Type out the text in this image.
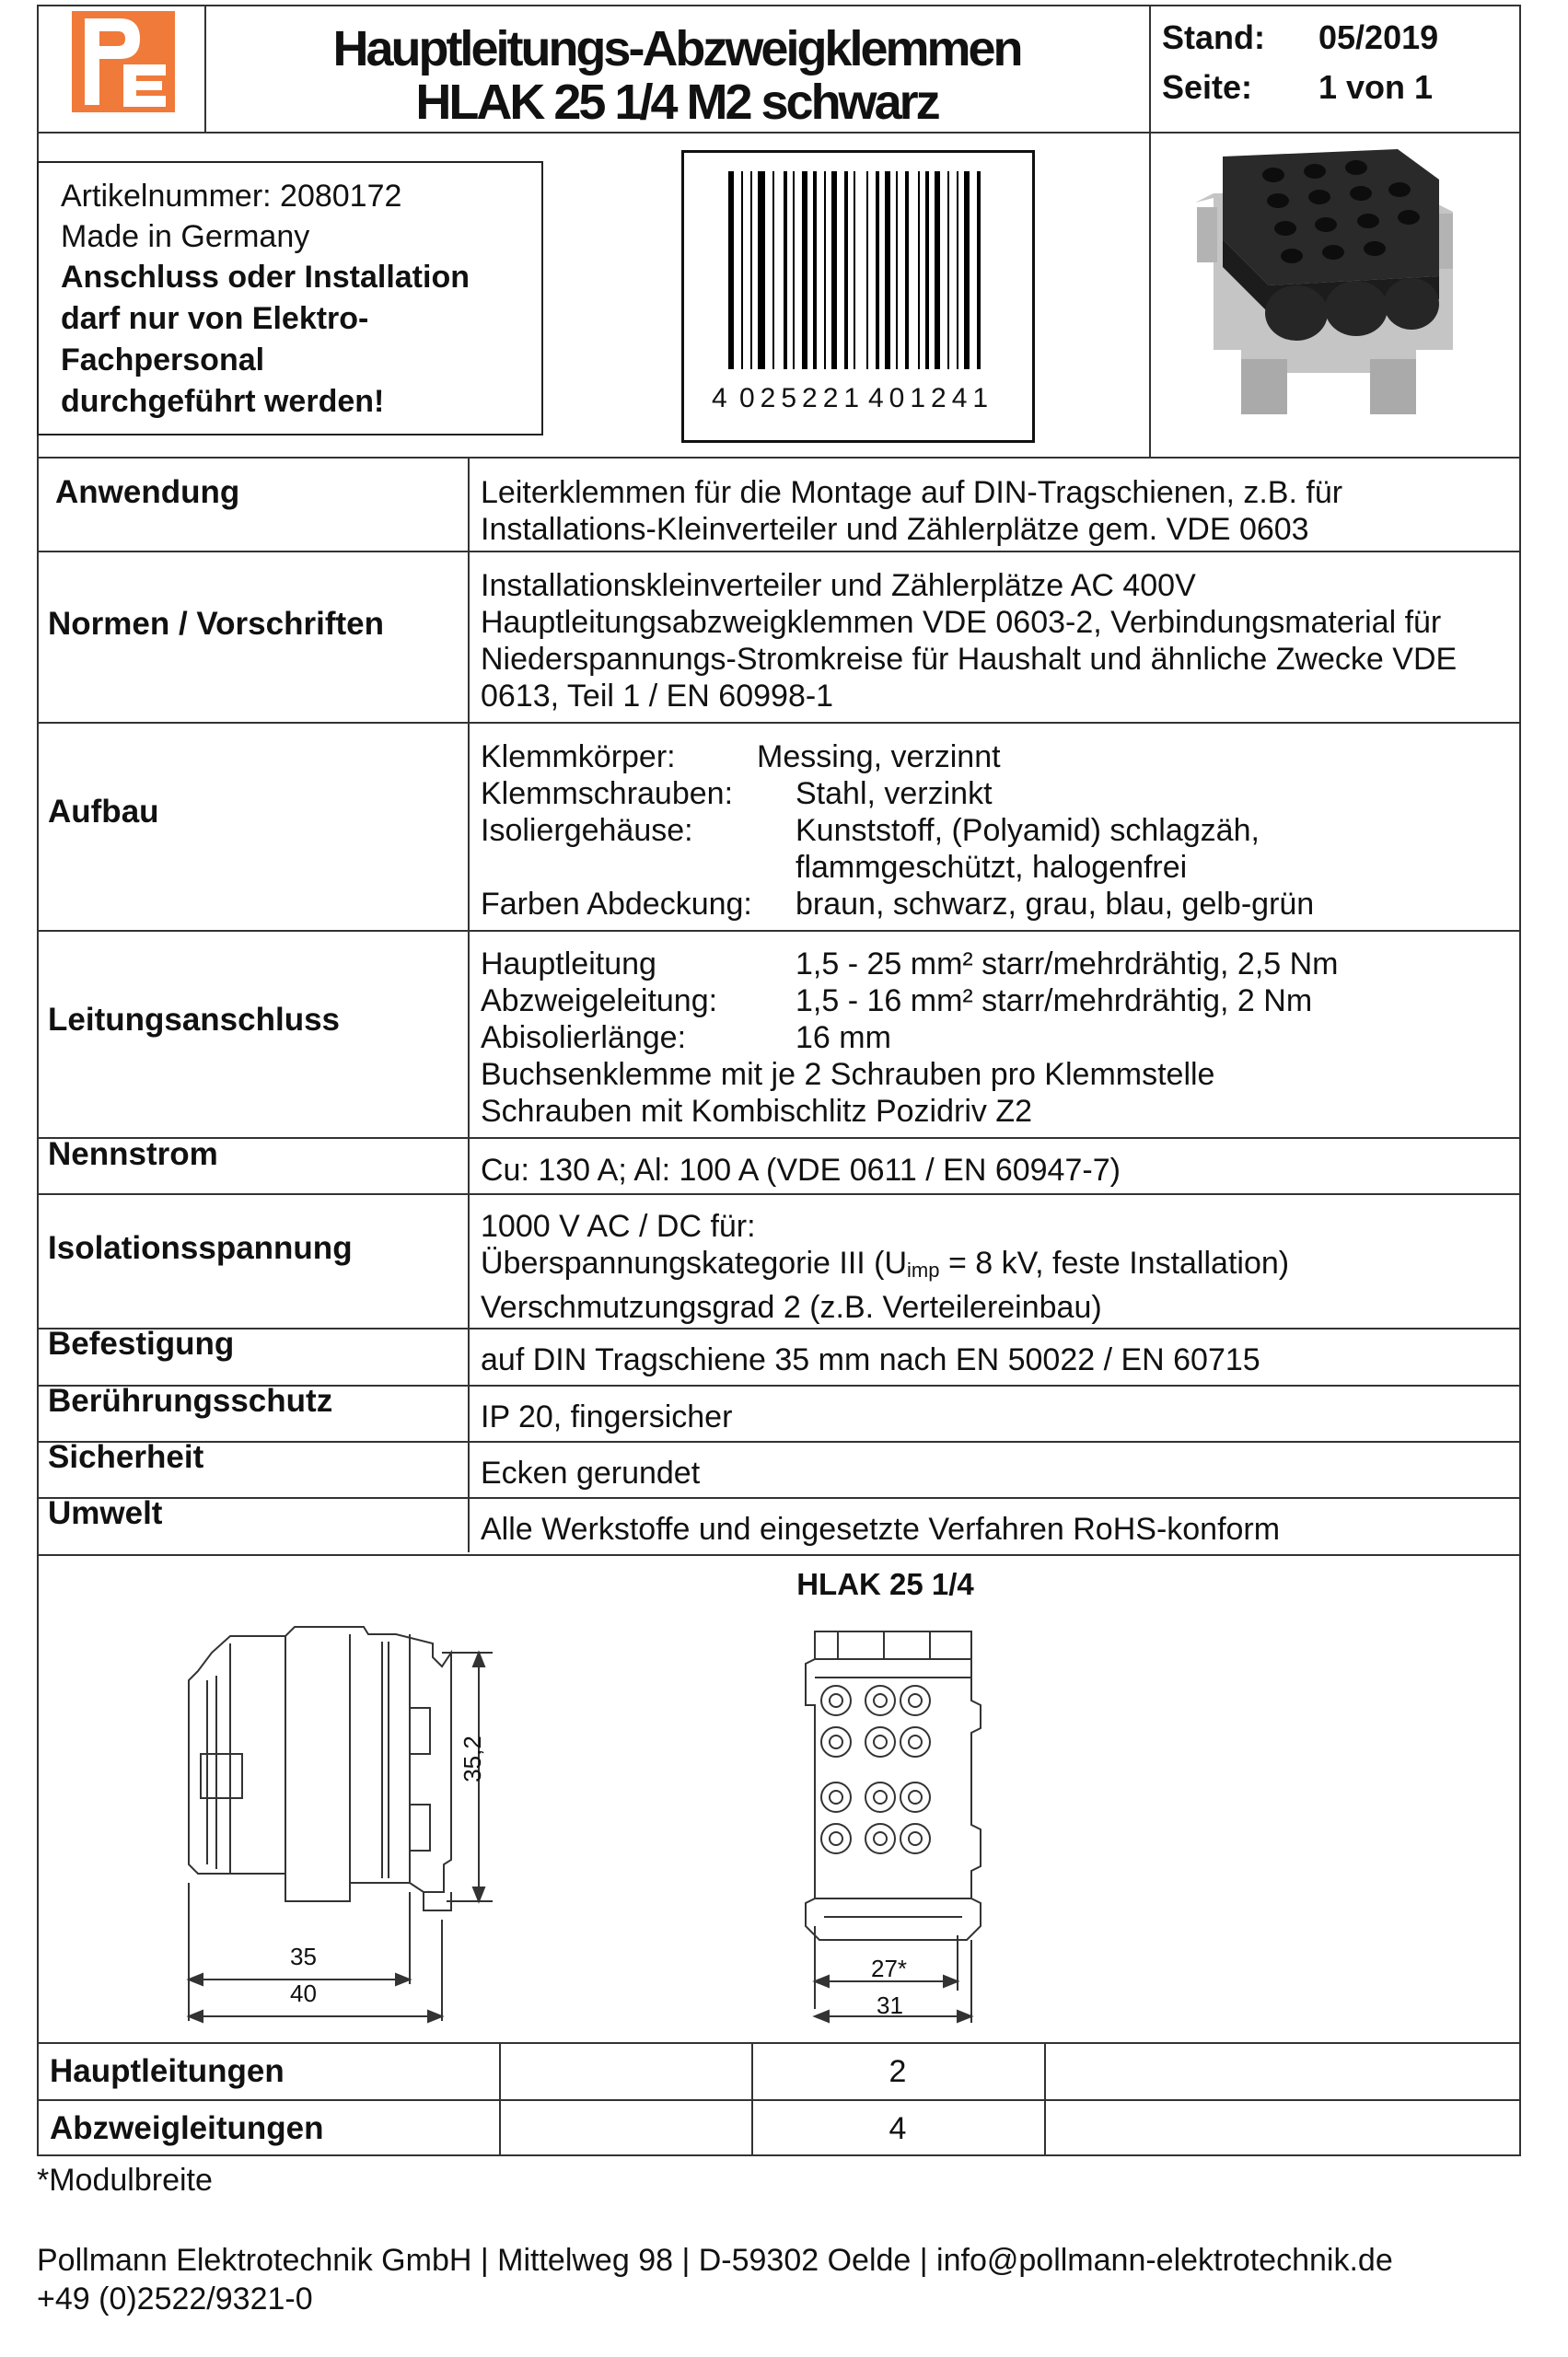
Hauptleitungs-Abzweigklemmen
HLAK 25 1/4 M2 schwarz
Stand: 05/2019
Seite: 1 von 1
Artikelnummer: 2080172
Made in Germany
Anschluss oder Installation
darf nur von Elektro-
Fachpersonal
durchgeführt werden!	4 025221 401241
Anwendung	Leiterklemmen für die Montage auf DIN-Tragschienen, z.B. für
Installations-Kleinverteiler und Zählerplätze gem. VDE 0603
Normen / Vorschriften
Installationskleinverteiler und Zählerplätze AC 400V
Hauptleitungsabzweigklemmen VDE 0603-2, Verbindungsmaterial für
Niederspannungs-Stromkreise für Haushalt und ähnliche Zwecke VDE
0613, Teil 1 / EN 60998-1
Aufbau
Klemmkörper:	Messing, verzinnt
Klemmschrauben:	Stahl, verzinkt
Isoliergehäuse:	Kunststoff, (Polyamid) schlagzäh,
flammgeschützt, halogenfrei
Farben Abdeckung:	braun, schwarz, grau, blau, gelb-grün
Leitungsanschluss
Hauptleitung	1,5 - 25 mm² starr/mehrdrähtig, 2,5 Nm
Abzweigeleitung:	1,5 - 16 mm² starr/mehrdrähtig, 2 Nm
Abisolierlänge:	16 mm
Buchsenklemme mit je 2 Schrauben pro Klemmstelle
Schrauben mit Kombischlitz Pozidriv Z2
Nennstrom	Cu: 130 A; Al: 100 A (VDE 0611 / EN 60947-7)
Isolationsspannung
1000 V AC / DC für:
Überspannungskategorie III (Uimp = 8 kV, feste Installation)
Verschmutzungsgrad 2 (z.B. Verteilereinbau)
Befestigung	auf DIN Tragschiene 35 mm nach EN 50022 / EN 60715
Berührungsschutz	IP 20, fingersicher
Sicherheit	Ecken gerundet
Umwelt	Alle Werkstoffe und eingesetzte Verfahren RoHS-konform
HLAK 25 1/4
35,2
35
40
27*
31
Hauptleitungen	2
Abzweigleitungen	4
*Modulbreite
Pollmann Elektrotechnik GmbH | Mittelweg 98 | D-59302 Oelde | info@pollmann-elektrotechnik.de
+49 (0)2522/9321-0
